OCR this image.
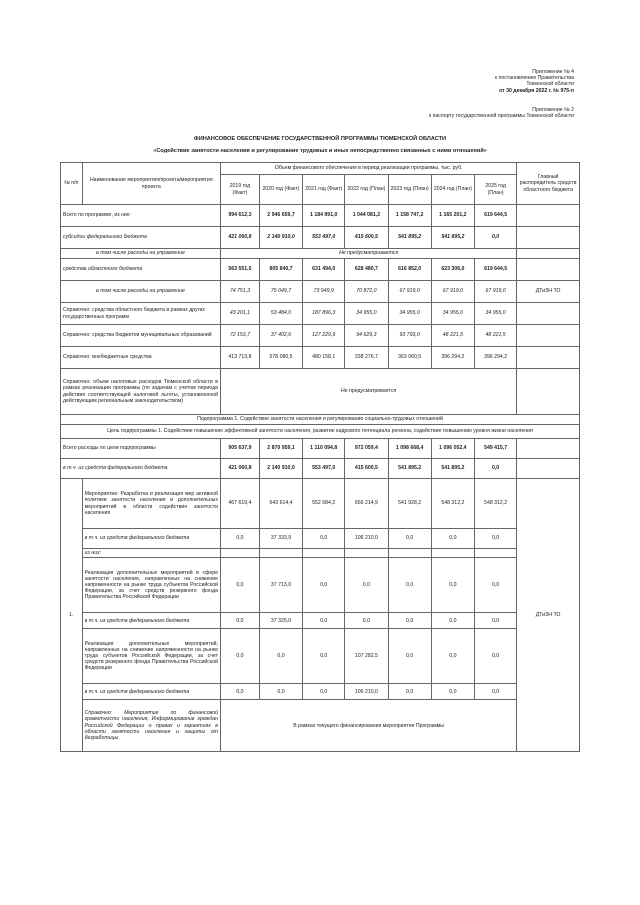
Приложение № 4
к постановлению Правительства
Тюменской области
от 30 декабря 2022 г. № 975-п
Приложение № 2
к паспорту государственной программы Тюменской области
ФИНАНСОВОЕ ОБЕСПЕЧЕНИЕ ГОСУДАРСТВЕННОЙ ПРОГРАММЫ ТЮМЕНСКОЙ ОБЛАСТИ
«Содействие занятости населения и регулирование трудовых и иных непосредственно связанных с ними отношений»
№ п/п	Наименование мероприятия/проекта/мероприятия проекта	Объем финансового обеспечения в период реализации программы, тыс. руб.							Главный распорядитель средств областного бюджета
		2019 год (Факт)	2020 год (Факт)	2021 год (Факт)	2022 год (План)	2023 год (План)	2024 год (План)	2025 год (План)	
Всего по программе, из них:		994 612,3	2 946 659,7	1 184 991,0	1 044 081,2	1 158 747,2	1 165 201,2	619 644,5	
субсидии федерального бюджета		421 060,8	2 140 910,0	553 497,0	415 600,5	541 895,2	541 895,2	0,0	
в том числе расходы на управление		Не предусматривается							
средства областного бюджета		563 551,5	805 840,7	631 494,0	628 480,7	616 852,0	623 306,0	619 644,5	
в том числе расходы на управление		74 751,3	75 049,7	73 949,9	70 872,0	67 919,0	67 919,0	67 919,0	ДТиЗН ТО
Справочно: средства областного бюджета в рамках других государственных программ		43 201,1	53 484,0	187 896,3	34 955,0	34 955,0	34 955,0	34 955,0	
Справочно: средства бюджетов муниципальных образований		72 153,7	37 402,6	127 229,9	94 629,3	93 793,0	48 221,5	48 221,5	
Справочно: внебюджетные средства		413 713,8	578 080,5	480 158,1	338 276,7	363 060,5	396 294,2	396 294,2	
Справочно: объем налоговых расходов Тюменской области в рамках реализации программы (по задачам с учетом периода действия соответствующей налоговой льготы, установленной действующим региональным законодательством)		Не предусматривается							
Подпрограмма 1. Содействие занятости населения и регулирование социально-трудовых отношений									
Цель подпрограммы 1. Содействие повышению эффективной занятости населения, развитие кадрового потенциала региона, содействие повышению уровня жизни населения									
Всего расходы по цели подпрограммы		905 637,9	2 870 959,1	1 110 094,8	972 059,4	1 098 668,4	1 096 052,4	549 415,7	
в т.ч. из средств федерального бюджета		421 060,8	2 140 910,0	553 497,0	415 600,5	541 895,2	541 895,2	0,0	
1.	Мероприятие: Разработка и реализация мер активной политики занятости населения и дополнительных мероприятий в области содействия занятости населения	467 619,4	643 614,4	552 684,2	656 214,9	541 928,2	548 312,2	548 312,2	ДТиЗН ТО
	в т.ч. из средств федерального бюджета	0,0	37 333,9	0,0	106 210,0	0,0	0,0	0,0	
	из них:								
	Реализация дополнительных мероприятий в сфере занятости населения, направленных на снижение напряженности на рынке труда субъектов Российской Федерации, за счет средств резервного фонда Правительства Российской Федерации	0,0	37 713,0	0,0	0,0	0,0	0,0	0,0	
	в т.ч. из средств федерального бюджета	0,0	37 325,0	0,0	0,0	0,0	0,0	0,0	
	Реализация дополнительных мероприятий, направленных на снижение напряженности на рынке труда субъектов Российской Федерации, за счет средств резервного фонда Правительства Российской Федерации	0,0	0,0	0,0	107 282,5	0,0	0,0	0,0	
	в т.ч. из средств федерального бюджета	0,0	0,0	0,0	106 210,0	0,0	0,0	0,0	
	Справочно: Мероприятие по финансовой грамотности населения, Информирование граждан Российской Федерации о правах и гарантиях в области занятости населения и защиты от безработицы	В рамках текущего финансирования мероприятия Программы							
